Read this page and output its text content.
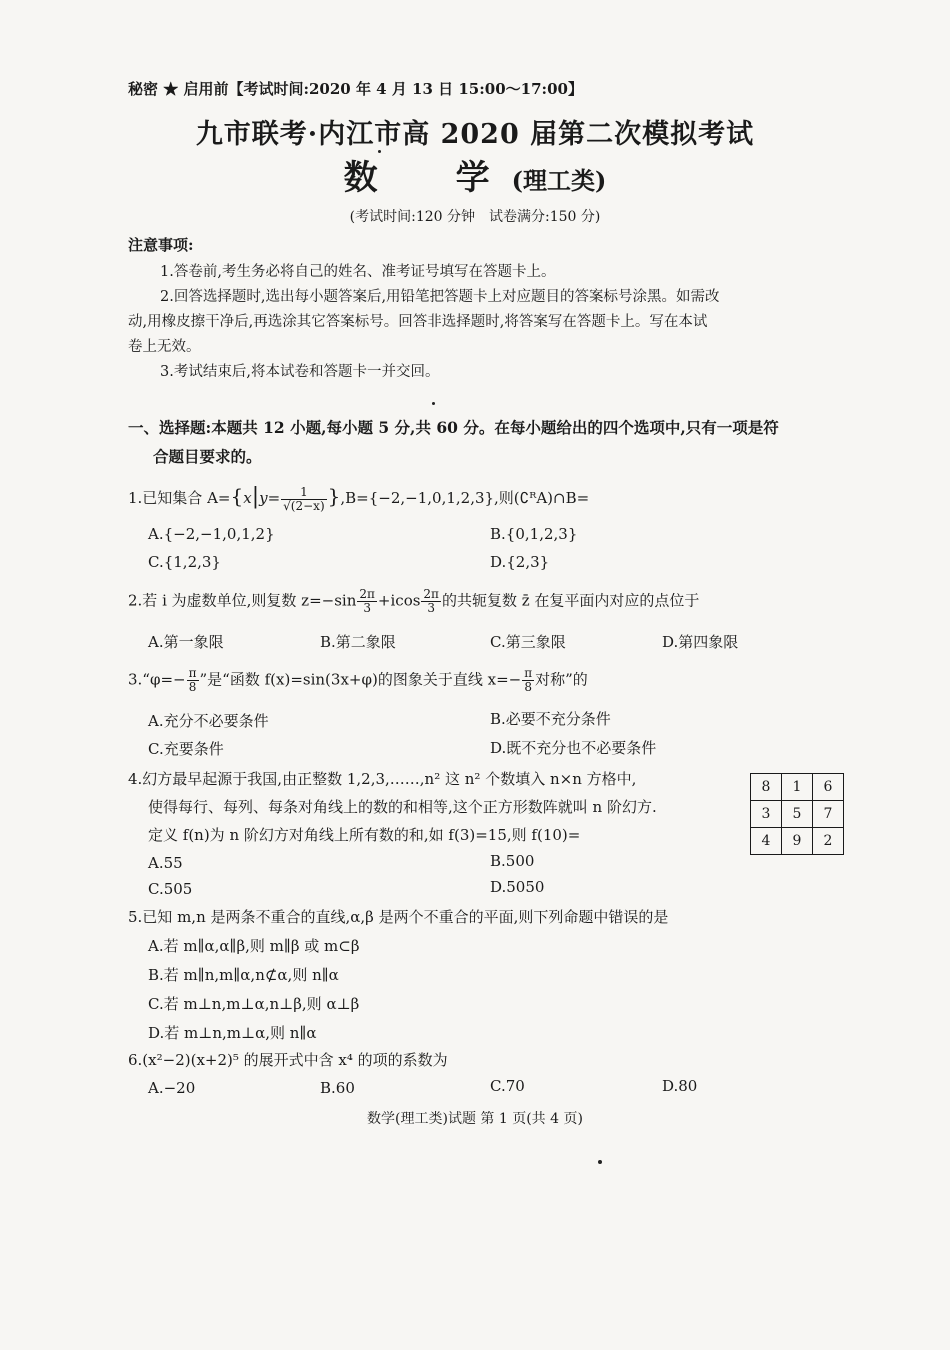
秘密 ★ 启用前【考试时间:2020 年 4 月 13 日 15:00～17:00】
九市联考·内江市高 2020 届第二次模拟考试
数　学(理工类)
(考试时间:120 分钟　试卷满分:150 分)
注意事项:
1.答卷前,考生务必将自己的姓名、准考证号填写在答题卡上。
2.回答选择题时,选出每小题答案后,用铅笔把答题卡上对应题目的答案标号涂黑。如需改
动,用橡皮擦干净后,再选涂其它答案标号。回答非选择题时,将答案写在答题卡上。写在本试
卷上无效。
3.考试结束后,将本试卷和答题卡一并交回。
一、选择题:本题共 12 小题,每小题 5 分,共 60 分。在每小题给出的四个选项中,只有一项是符
合题目要求的。
1.已知集合 $A=\{x|y= \frac{1}{√(2-x)} \},B=\{-2,-1,0,1,2,3\}$,则(∁ᴿA)∩B=
A.{−2,−1,0,1,2}	B.{0,1,2,3}
C.{1,2,3}	D.{2,3}
2.若 i 为虚数单位,则复数 $z=-\sin \frac{2\pi}{3} +icos \frac{2\pi}{3}$ 的共轭复数 z̄ 在复平面内对应的点位于
A.第一象限	B.第二象限	C.第三象限	D.第四象限
3.“φ=− $\frac{\pi}{8}$ ”是“函数 f(x)=sin(3x+φ)的图象关于直线 $x=- \frac{\pi}{8}$ 对称”的
A.充分不必要条件	B.必要不充分条件
C.充要条件	D.既不充分也不必要条件
4.幻方最早起源于我国,由正整数 1,2,3,……,n² 这 n² 个数填入 n×n 方格中,
使得每行、每列、每条对角线上的数的和相等,这个正方形数阵就叫 n 阶幻方.
定义 f(n)为 n 阶幻方对角线上所有数的和,如 f(3)=15,则 f(10)=
A.55	B.500
C.505	D.5050
8	1	6
3	5	7
4	9	2
5.已知 m,n 是两条不重合的直线,α,β 是两个不重合的平面,则下列命题中错误的是
A.若 m∥α,α∥β,则 m∥β 或 m⊂β
B.若 m∥n,m∥α,n⊄α,则 n∥α
C.若 m⊥n,m⊥α,n⊥β,则 α⊥β
D.若 m⊥n,m⊥α,则 n∥α
6.(x²−2)(x+2)⁵ 的展开式中含 x⁴ 的项的系数为
A.−20	B.60	C.70	D.80
数学(理工类)试题 第 1 页(共 4 页)
